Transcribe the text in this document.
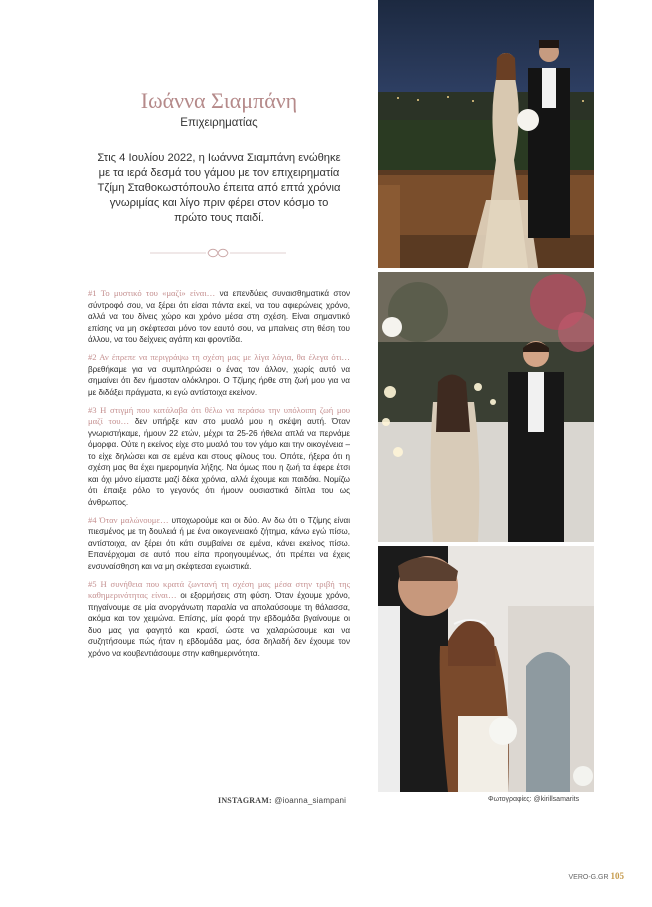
Ιωάννα Σιαμπάνη
Επιχειρηματίας
Στις 4 Ιουλίου 2022, η Ιωάννα Σιαμπάνη ενώθηκε με τα ιερά δεσμά του γάμου με τον επιχειρηματία Τζίμη Σταθοκωστόπουλο έπειτα από επτά χρόνια γνωριμίας και λίγο πριν φέρει στον κόσμο το πρώτο τους παιδί.

#1 Το μυστικό του «μαζί» είναι… να επενδύεις συναισθηματικά στον σύντροφό σου, να ξέρει ότι είσαι πάντα εκεί, να του αφιερώνεις χρόνο, αλλά να του δίνεις χώρο και χρόνο μέσα στη σχέση. Είναι σημαντικό επίσης να μη σκέφτεσαι μόνο τον εαυτό σου, να μπαίνεις στη θέση του άλλου, να του δείχνεις αγάπη και φροντίδα.

#2 Αν έπρεπε να περιγράψω τη σχέση μας με λίγα λόγια, θα έλεγα ότι… βρεθήκαμε για να συμπληρώσει ο ένας τον άλλον, χωρίς αυτό να σημαίνει ότι δεν ήμασταν ολόκληροι. Ο Τζίμης ήρθε στη ζωή μου για να με διδάξει πράγματα, κι εγώ αντίστοιχα εκείνον.

#3 Η στιγμή που κατάλαβα ότι θέλω να περάσω την υπόλοιπη ζωή μου μαζί του… δεν υπήρξε καν στο μυαλό μου η σκέψη αυτή. Όταν γνωριστήκαμε, ήμουν 22 ετών, μέχρι τα 25-26 ήθελα απλά να περνάμε όμορφα. Ούτε η εκείνος είχε στο μυαλό του τον γάμο και την οικογένεια – το είχε δηλώσει και σε εμένα και στους φίλους του. Οπότε, ήξερα ότι η σχέση μας θα έχει ημερομηνία λήξης. Να όμως που η ζωή τα έφερε έτσι και όχι μόνο είμαστε μαζί δέκα χρόνια, αλλά έχουμε και παιδάκι. Νομίζω ότι έπαιξε ρόλο το γεγονός ότι ήμουν ουσιαστικά δίπλα του ως άνθρωπος.

#4 Όταν μαλώνουμε… υποχωρούμε και οι δύο. Αν δω ότι ο Τζίμης είναι πιεσμένος με τη δουλειά ή με ένα οικογενειακό ζήτημα, κάνω εγώ πίσω, αντίστοιχα, αν ξέρει ότι κάτι συμβαίνει σε εμένα, κάνει εκείνος πίσω. Επανέρχομαι σε αυτό που είπα προηγουμένως, ότι πρέπει να έχεις ενσυναίσθηση και να μη σκέφτεσαι εγωιστικά.

#5 Η συνήθεια που κρατά ζωντανή τη σχέση μας μέσα στην τριβή της καθημερινότητας είναι… οι εξορμήσεις στη φύση. Όταν έχουμε χρόνο, πηγαίνουμε σε μία ανοργάνωτη παραλία να απολαύσουμε τη θάλασσα, ακόμα και τον χειμώνα. Επίσης, μία φορά την εβδομάδα βγαίνουμε οι δυο μας για φαγητό και κρασί, ώστε να χαλαρώσουμε και να συζητήσουμε πώς ήταν η εβδομάδα μας, όσα δηλαδή δεν έχουμε τον χρόνο να κουβεντιάσουμε στην καθημερινότητα.

INSTAGRAM: @ioanna_siampani	Φωτογραφίες: @kirillsamarits
VERO-G.GR 105
